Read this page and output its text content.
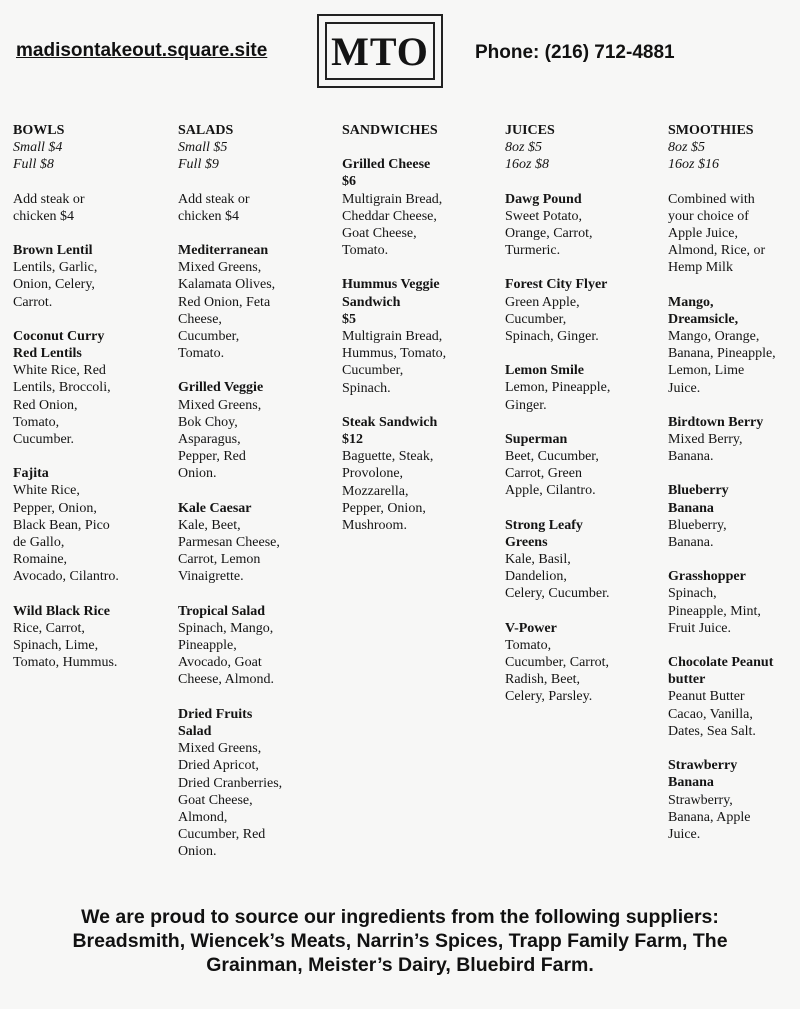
madisontakeout.square.site MTO	Phone: (216) 712-4881
BOWLS
Small $4
Full $8
Add steak or
chicken $4
Brown Lentil
Lentils, Garlic,
Onion, Celery,
Carrot.
Coconut Curry
Red Lentils
White Rice, Red
Lentils, Broccoli,
Red Onion,
Tomato,
Cucumber.
Fajita
White Rice,
Pepper, Onion,
Black Bean, Pico
de Gallo,
Romaine,
Avocado, Cilantro.
Wild Black Rice
Rice, Carrot,
Spinach, Lime,
Tomato, Hummus.
SALADS
Small $5
Full $9
Add steak or
chicken $4
Mediterranean
Mixed Greens,
Kalamata Olives,
Red Onion, Feta
Cheese,
Cucumber,
Tomato.
Grilled Veggie
Mixed Greens,
Bok Choy,
Asparagus,
Pepper, Red
Onion.
Kale Caesar
Kale, Beet,
Parmesan Cheese,
Carrot, Lemon
Vinaigrette.
Tropical Salad
Spinach, Mango,
Pineapple,
Avocado, Goat
Cheese, Almond.
Dried Fruits
Salad
Mixed Greens,
Dried Apricot,
Dried Cranberries,
Goat Cheese,
Almond,
Cucumber, Red
Onion.
SANDWICHES
Grilled Cheese
$6
Multigrain Bread,
Cheddar Cheese,
Goat Cheese,
Tomato.
Hummus Veggie
Sandwich
$5
Multigrain Bread,
Hummus, Tomato,
Cucumber,
Spinach.
Steak Sandwich
$12
Baguette, Steak,
Provolone,
Mozzarella,
Pepper, Onion,
Mushroom.
JUICES
8oz $5
16oz $8
Dawg Pound
Sweet Potato,
Orange, Carrot,
Turmeric.
Forest City Flyer
Green Apple,
Cucumber,
Spinach, Ginger.
Lemon Smile
Lemon, Pineapple,
Ginger.
Superman
Beet, Cucumber,
Carrot, Green
Apple, Cilantro.
Strong Leafy
Greens
Kale, Basil,
Dandelion,
Celery, Cucumber.
V-Power
Tomato,
Cucumber, Carrot,
Radish, Beet,
Celery, Parsley.
SMOOTHIES
8oz $5
16oz $16
Combined with
your choice of
Apple Juice,
Almond, Rice, or
Hemp Milk
Mango,
Dreamsicle,
Mango, Orange,
Banana, Pineapple,
Lemon, Lime
Juice.
Birdtown Berry
Mixed Berry,
Banana.
Blueberry
Banana
Blueberry,
Banana.
Grasshopper
Spinach,
Pineapple, Mint,
Fruit Juice.
Chocolate Peanut
butter
Peanut Butter
Cacao, Vanilla,
Dates, Sea Salt.
Strawberry
Banana
Strawberry,
Banana, Apple
Juice.
We are proud to source our ingredients from the following suppliers:
Breadsmith, Wiencek’s Meats, Narrin’s Spices, Trapp Family Farm, The
Grainman, Meister’s Dairy, Bluebird Farm.
